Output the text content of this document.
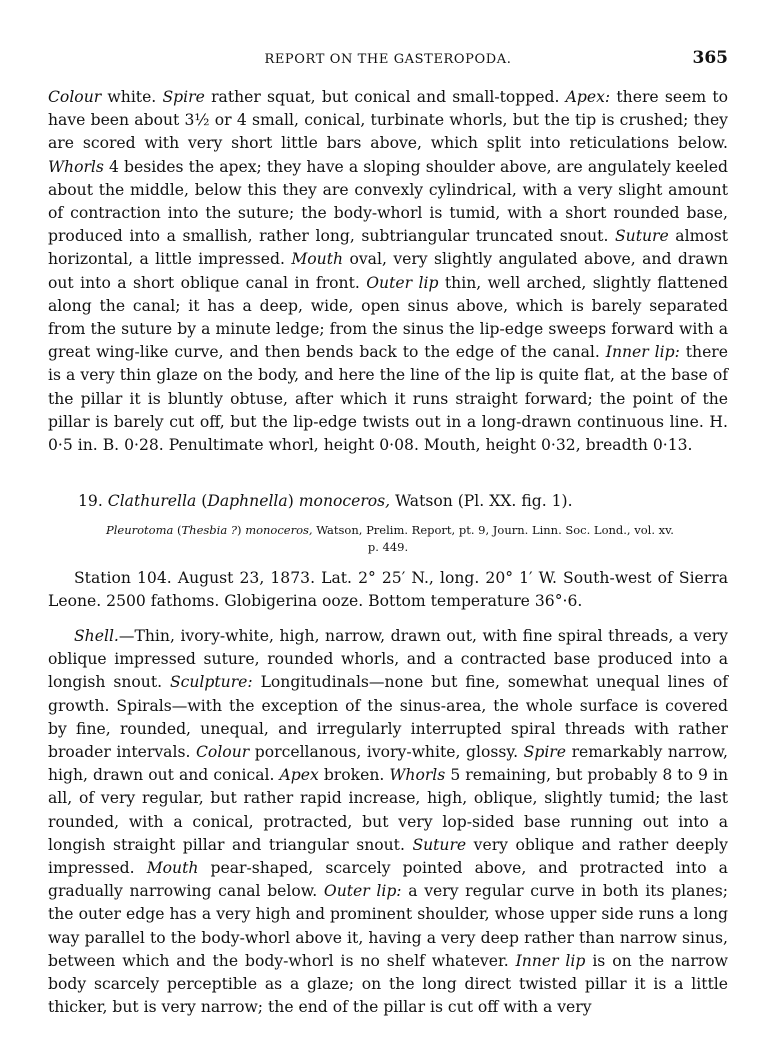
REPORT ON THE GASTEROPODA.	365

Colour white. Spire rather squat, but conical and small-topped. Apex: there seem to have been about 3½ or 4 small, conical, turbinate whorls, but the tip is crushed; they are scored with very short little bars above, which split into reticulations below. Whorls 4 besides the apex; they have a sloping shoulder above, are angulately keeled about the middle, below this they are convexly cylindrical, with a very slight amount of contraction into the suture; the body-whorl is tumid, with a short rounded base, produced into a smallish, rather long, subtriangular truncated snout. Suture almost horizontal, a little impressed. Mouth oval, very slightly angulated above, and drawn out into a short oblique canal in front. Outer lip thin, well arched, slightly flattened along the canal; it has a deep, wide, open sinus above, which is barely separated from the suture by a minute ledge; from the sinus the lip-edge sweeps forward with a great wing-like curve, and then bends back to the edge of the canal. Inner lip: there is a very thin glaze on the body, and here the line of the lip is quite flat, at the base of the pillar it is bluntly obtuse, after which it runs straight forward; the point of the pillar is barely cut off, but the lip-edge twists out in a long-drawn continuous line. H. 0·5 in. B. 0·28. Penultimate whorl, height 0·08. Mouth, height 0·32, breadth 0·13.

19. Clathurella (Daphnella) monoceros, Watson (Pl. XX. fig. 1).

Pleurotoma (Thesbia ?) monoceros, Watson, Prelim. Report, pt. 9, Journ. Linn. Soc. Lond., vol. xv.

p. 449.

Station 104. August 23, 1873. Lat. 2° 25′ N., long. 20° 1′ W. South-west of Sierra Leone. 2500 fathoms. Globigerina ooze. Bottom temperature 36°·6.

Shell.—Thin, ivory-white, high, narrow, drawn out, with fine spiral threads, a very oblique impressed suture, rounded whorls, and a contracted base produced into a longish snout. Sculpture: Longitudinals—none but fine, somewhat unequal lines of growth. Spirals—with the exception of the sinus-area, the whole surface is covered by fine, rounded, unequal, and irregularly interrupted spiral threads with rather broader intervals. Colour porcellanous, ivory-white, glossy. Spire remarkably narrow, high, drawn out and conical. Apex broken. Whorls 5 remaining, but probably 8 to 9 in all, of very regular, but rather rapid increase, high, oblique, slightly tumid; the last rounded, with a conical, protracted, but very lop-sided base running out into a longish straight pillar and triangular snout. Suture very oblique and rather deeply impressed. Mouth pear-shaped, scarcely pointed above, and protracted into a gradually narrowing canal below. Outer lip: a very regular curve in both its planes; the outer edge has a very high and prominent shoulder, whose upper side runs a long way parallel to the body-whorl above it, having a very deep rather than narrow sinus, between which and the body-whorl is no shelf whatever. Inner lip is on the narrow body scarcely perceptible as a glaze; on the long direct twisted pillar it is a little thicker, but is very narrow; the end of the pillar is cut off with a very
